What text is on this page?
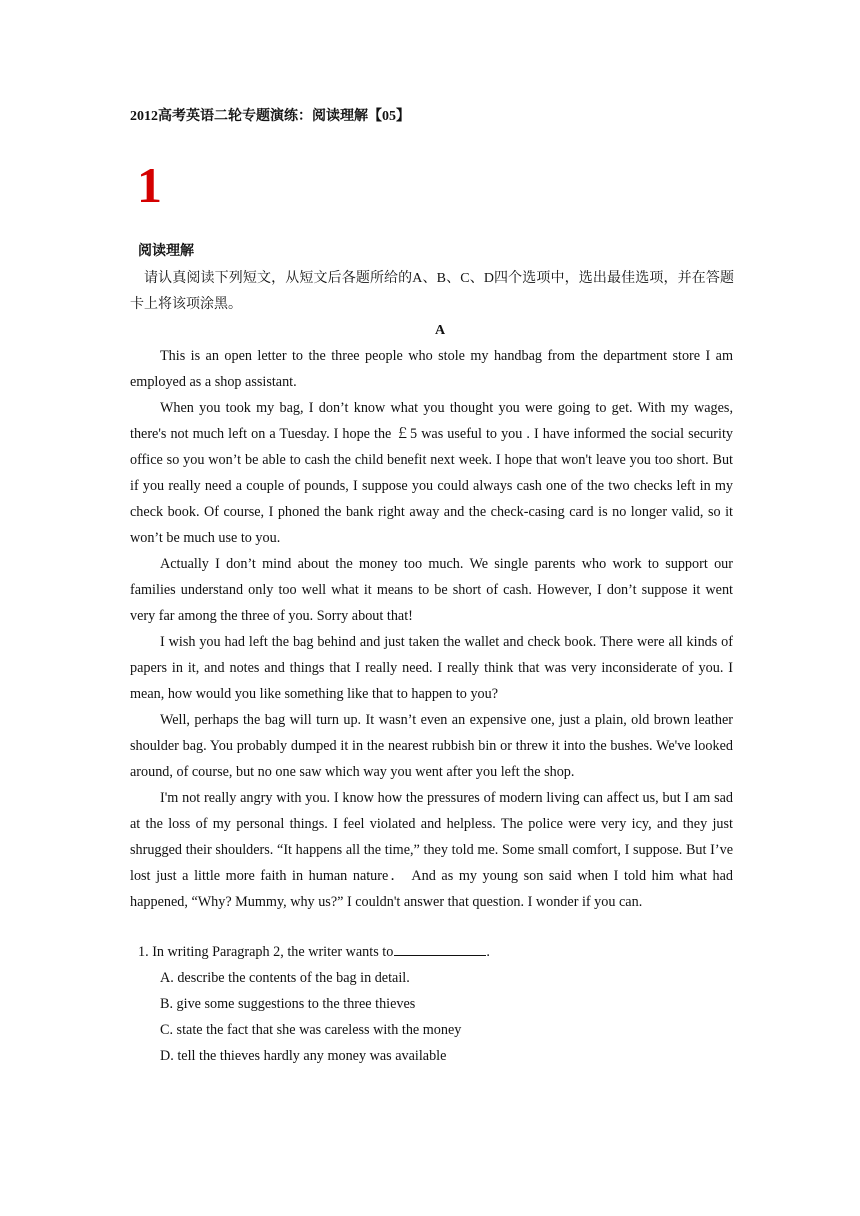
2012高考英语二轮专题演练：阅读理解【05】
1
阅读理解
请认真阅读下列短文，从短文后各题所给的A、B、C、D四个选项中，选出最佳选项，并在答题卡上将该项涂黑。
A

This is an open letter to the three people who stole my handbag from the department store I am employed as a shop assistant.

When you took my bag, I don’t know what you thought you were going to get. With my wages, there's not much left on a Tuesday. I hope the ￡5 was useful to you . I have informed the social security office so you won’t be able to cash the child benefit next week. I hope that won't leave you too short. But if you really need a couple of pounds, I suppose you could always cash one of the two checks left in my check book. Of course, I phoned the bank right away and the check-casing card is no longer valid, so it won’t be much use to you.

Actually I don’t mind about the money too much. We single parents who work to support our families understand only too well what it means to be short of cash. However, I don’t suppose it went very far among the three of you. Sorry about that!

I wish you had left the bag behind and just taken the wallet and check book. There were all kinds of papers in it, and notes and things that I really need. I really think that was very inconsiderate of you. I mean, how would you like something like that to happen to you?

Well, perhaps the bag will turn up. It wasn’t even an expensive one, just a plain, old brown leather shoulder bag. You probably dumped it in the nearest rubbish bin or threw it into the bushes. We've looked around, of course, but no one saw which way you went after you left the shop.

I'm not really angry with you. I know how the pressures of modern living can affect us, but I am sad at the loss of my personal things. I feel violated and helpless. The police were very icy, and they just shrugged their shoulders. “It happens all the time,” they told me. Some small comfort, I suppose. But I’ve lost just a little more faith in human nature． And as my young son said when I told him what had happened, “Why? Mummy, why us?” I couldn't answer that question. I wonder if you can.

1. In writing Paragraph 2, the writer wants to	.

A. describe the contents of the bag in detail.

B. give some suggestions to the three thieves

C. state the fact that she was careless with the money

D. tell the thieves hardly any money was available
